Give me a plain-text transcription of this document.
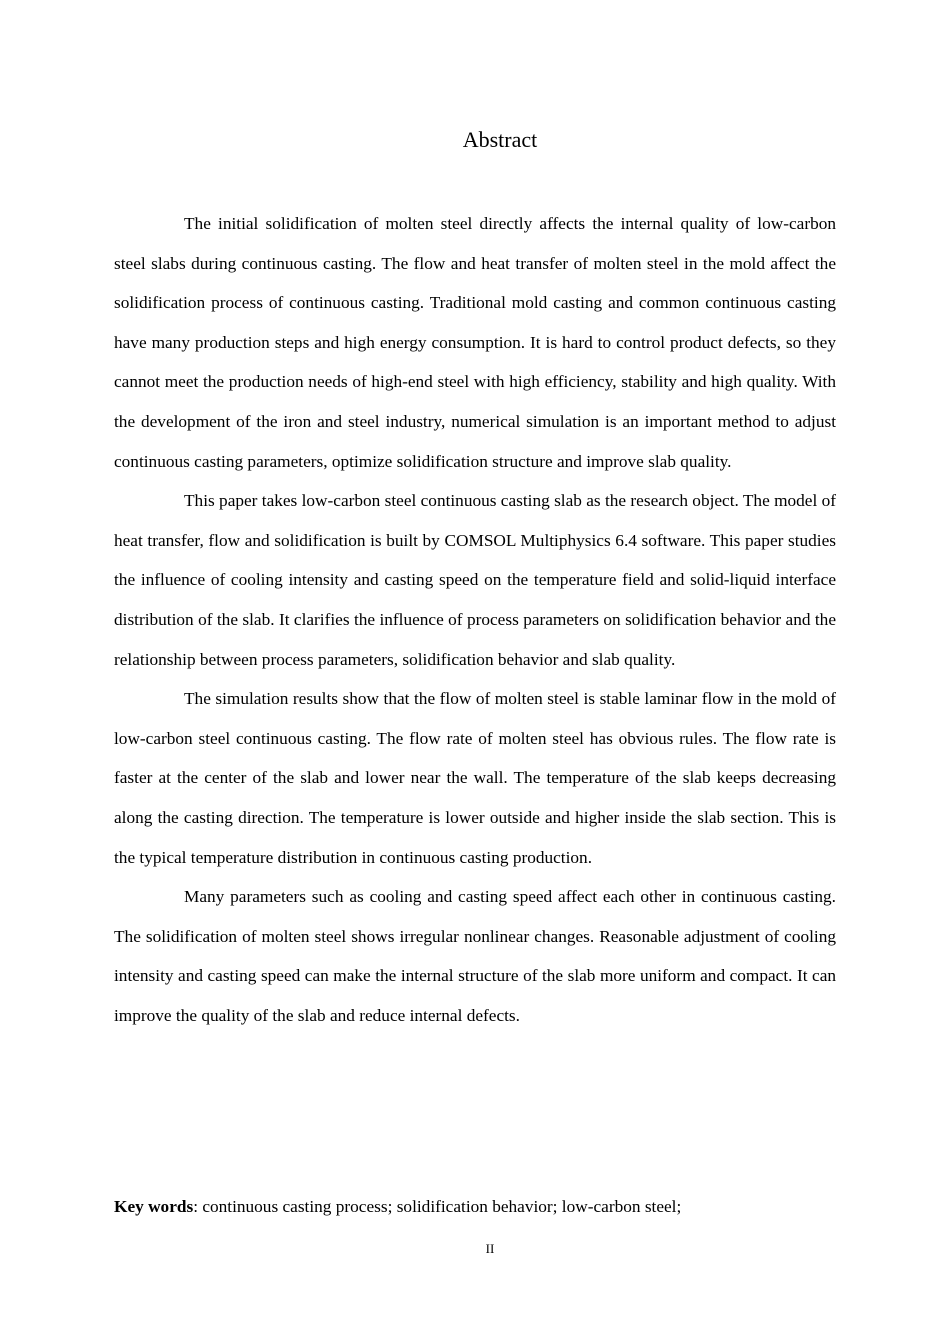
Abstract

The initial solidification of molten steel directly affects the internal quality of low-carbon steel slabs during continuous casting. The flow and heat transfer of molten steel in the mold affect the solidification process of continuous casting. Traditional mold casting and common continuous casting have many production steps and high energy consumption. It is hard to control product defects, so they cannot meet the production needs of high-end steel with high efficiency, stability and high quality. With the development of the iron and steel industry, numerical simulation is an important method to adjust continuous casting parameters, optimize solidification structure and improve slab quality.

This paper takes low-carbon steel continuous casting slab as the research object. The model of heat transfer, flow and solidification is built by COMSOL Multiphysics 6.4 software. This paper studies the influence of cooling intensity and casting speed on the temperature field and solid-liquid interface distribution of the slab. It clarifies the influence of process parameters on solidification behavior and the relationship between process parameters, solidification behavior and slab quality.

The simulation results show that the flow of molten steel is stable laminar flow in the mold of low-carbon steel continuous casting. The flow rate of molten steel has obvious rules. The flow rate is faster at the center of the slab and lower near the wall. The temperature of the slab keeps decreasing along the casting direction. The temperature is lower outside and higher inside the slab section. This is the typical temperature distribution in continuous casting production.

Many parameters such as cooling and casting speed affect each other in continuous casting. The solidification of molten steel shows irregular nonlinear changes. Reasonable adjustment of cooling intensity and casting speed can make the internal structure of the slab more uniform and compact. It can improve the quality of the slab and reduce internal defects.

Key words: continuous casting process; solidification behavior; low-carbon steel;
II
